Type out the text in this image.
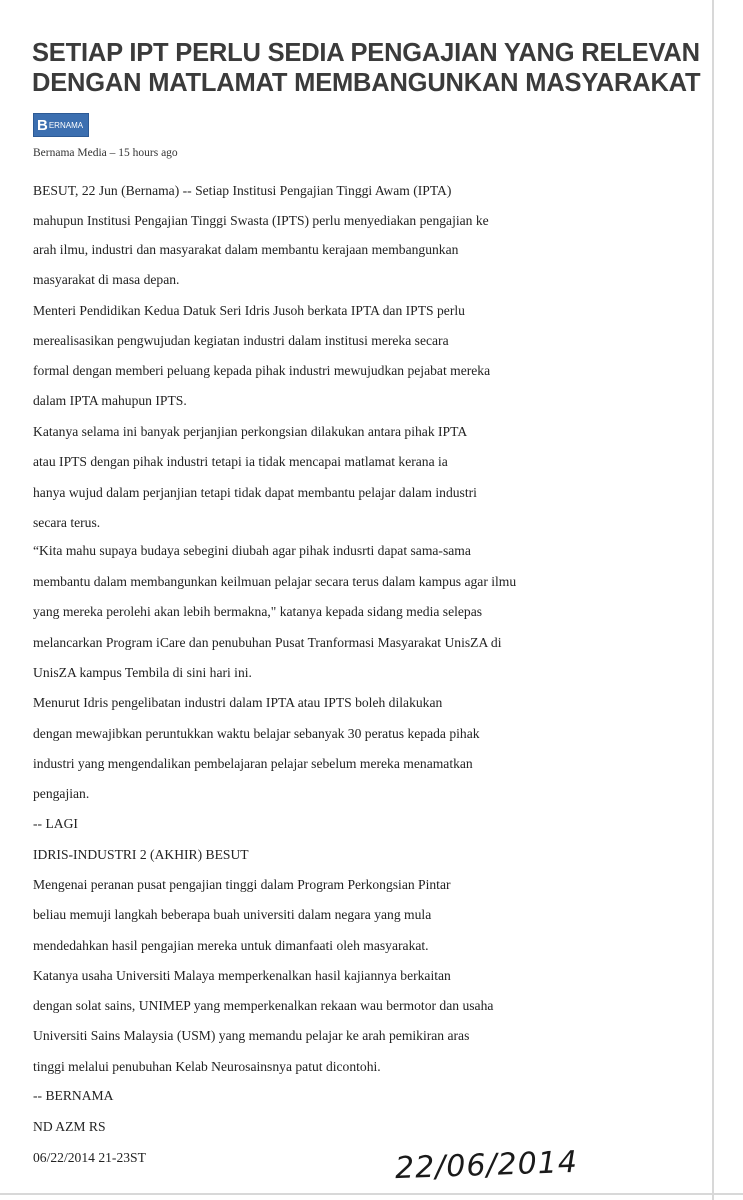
SETIAP IPT PERLU SEDIA PENGAJIAN YANG RELEVAN DENGAN MATLAMAT MEMBANGUNKAN MASYARAKAT
B ERNAMA
Bernama Media – 15 hours ago
BESUT, 22 Jun (Bernama) -- Setiap Institusi Pengajian Tinggi Awam (IPTA)
mahupun Institusi Pengajian Tinggi Swasta (IPTS) perlu menyediakan pengajian ke
arah ilmu, industri dan masyarakat dalam membantu kerajaan membangunkan
masyarakat di masa depan.
Menteri Pendidikan Kedua Datuk Seri Idris Jusoh berkata IPTA dan IPTS perlu
merealisasikan pengwujudan kegiatan industri dalam institusi mereka secara
formal dengan memberi peluang kepada pihak industri mewujudkan pejabat mereka
dalam IPTA mahupun IPTS.
Katanya selama ini banyak perjanjian perkongsian dilakukan antara pihak IPTA
atau IPTS dengan pihak industri tetapi ia tidak mencapai matlamat kerana ia
hanya wujud dalam perjanjian tetapi tidak dapat membantu pelajar dalam industri
secara terus.
“Kita mahu supaya budaya sebegini diubah agar pihak indusrti dapat sama-sama
membantu dalam membangunkan keilmuan pelajar secara terus dalam kampus agar ilmu
yang mereka perolehi akan lebih bermakna," katanya kepada sidang media selepas
melancarkan Program iCare dan penubuhan Pusat Tranformasi Masyarakat UnisZA di
UnisZA kampus Tembila di sini hari ini.
Menurut Idris pengelibatan industri dalam IPTA atau IPTS boleh dilakukan
dengan mewajibkan peruntukkan waktu belajar sebanyak 30 peratus kepada pihak
industri yang mengendalikan pembelajaran pelajar sebelum mereka menamatkan
pengajian.
-- LAGI
IDRIS-INDUSTRI 2 (AKHIR) BESUT
Mengenai peranan pusat pengajian tinggi dalam Program Perkongsian Pintar
beliau memuji langkah beberapa buah universiti dalam negara yang mula
mendedahkan hasil pengajian mereka untuk dimanfaati oleh masyarakat.
Katanya usaha Universiti Malaya memperkenalkan hasil kajiannya berkaitan
dengan solat sains, UNIMEP yang memperkenalkan rekaan wau bermotor dan usaha
Universiti Sains Malaysia (USM) yang memandu pelajar ke arah pemikiran aras
tinggi melalui penubuhan Kelab Neurosainsnya patut dicontohi.
-- BERNAMA
ND AZM RS
06/22/2014 21-23ST	22/06/2014
